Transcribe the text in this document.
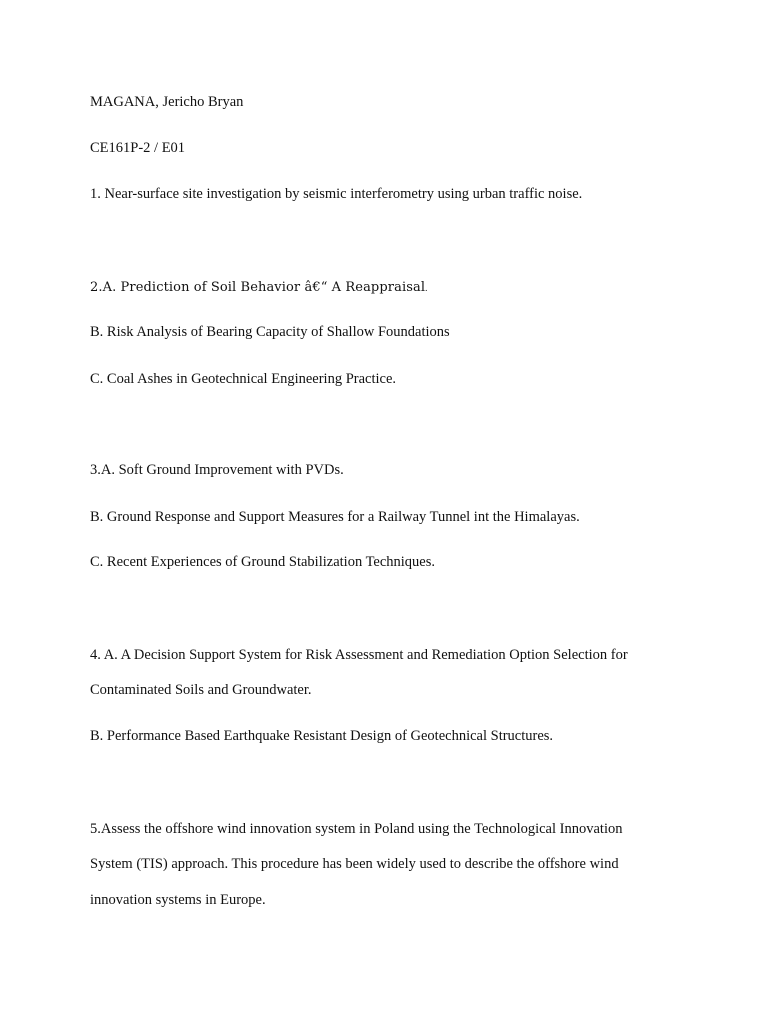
MAGANA, Jericho Bryan
CE161P-2 / E01
1. Near-surface site investigation by seismic interferometry using urban traffic noise.
2.A. Prediction of Soil Behavior â€“ A Reappraisal.
B. Risk Analysis of Bearing Capacity of Shallow Foundations
C. Coal Ashes in Geotechnical Engineering Practice.
3.A. Soft Ground Improvement with PVDs.
B. Ground Response and Support Measures for a Railway Tunnel int the Himalayas.
C. Recent Experiences of Ground Stabilization Techniques.
4. A. A Decision Support System for Risk Assessment and Remediation Option Selection for
Contaminated Soils and Groundwater.
B. Performance Based Earthquake Resistant Design of Geotechnical Structures.
5.Assess the offshore wind innovation system in Poland using the Technological Innovation
System (TIS) approach. This procedure has been widely used to describe the offshore wind
innovation systems in Europe.
